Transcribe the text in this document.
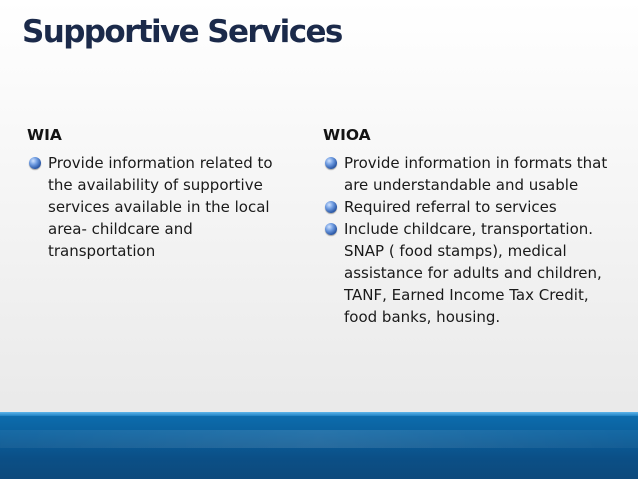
Supportive Services
WIA
Provide information related to the availability of supportive services available in the local area- childcare and transportation
WIOA
Provide information in formats that are understandable and usable
Required referral to services
Include childcare, transportation. SNAP ( food stamps), medical assistance for adults and children, TANF, Earned Income Tax Credit, food banks, housing.
